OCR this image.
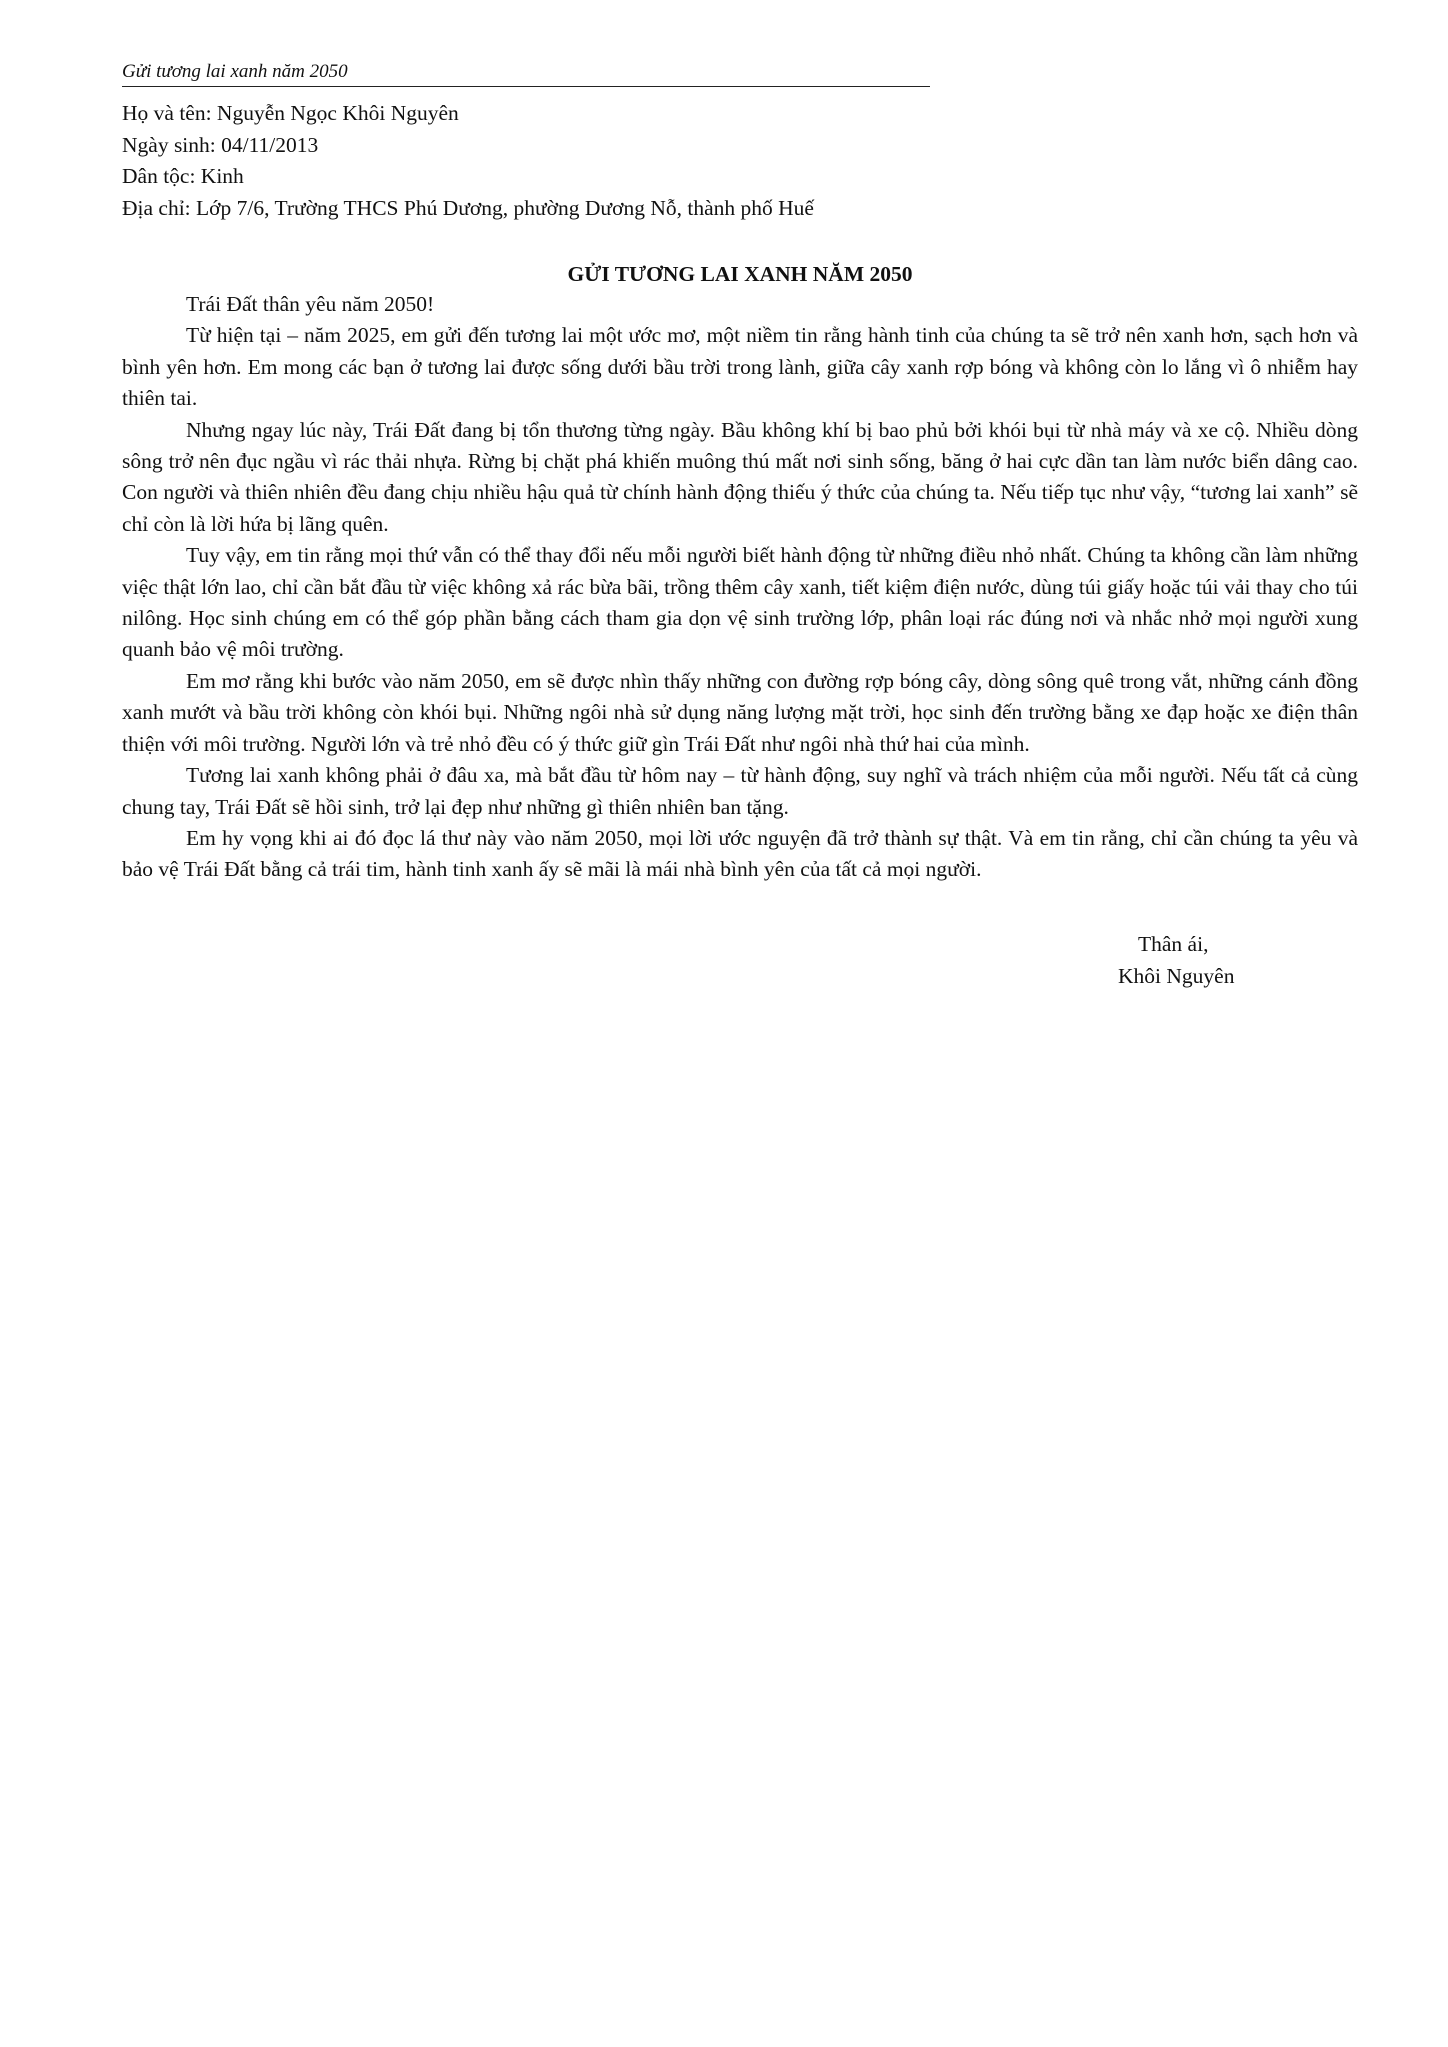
Gửi tương lai xanh năm 2050
Họ và tên: Nguyễn Ngọc Khôi Nguyên
Ngày sinh: 04/11/2013
Dân tộc: Kinh
Địa chỉ: Lớp 7/6, Trường THCS Phú Dương, phường Dương Nỗ, thành phố Huế
GỬI TƯƠNG LAI XANH NĂM 2050

Trái Đất thân yêu năm 2050!

Từ hiện tại – năm 2025, em gửi đến tương lai một ước mơ, một niềm tin rằng hành tinh của chúng ta sẽ trở nên xanh hơn, sạch hơn và bình yên hơn. Em mong các bạn ở tương lai được sống dưới bầu trời trong lành, giữa cây xanh rợp bóng và không còn lo lắng vì ô nhiễm hay thiên tai.

Nhưng ngay lúc này, Trái Đất đang bị tổn thương từng ngày. Bầu không khí bị bao phủ bởi khói bụi từ nhà máy và xe cộ. Nhiều dòng sông trở nên đục ngầu vì rác thải nhựa. Rừng bị chặt phá khiến muông thú mất nơi sinh sống, băng ở hai cực dần tan làm nước biển dâng cao. Con người và thiên nhiên đều đang chịu nhiều hậu quả từ chính hành động thiếu ý thức của chúng ta. Nếu tiếp tục như vậy, “tương lai xanh” sẽ chỉ còn là lời hứa bị lãng quên.

Tuy vậy, em tin rằng mọi thứ vẫn có thể thay đổi nếu mỗi người biết hành động từ những điều nhỏ nhất. Chúng ta không cần làm những việc thật lớn lao, chỉ cần bắt đầu từ việc không xả rác bừa bãi, trồng thêm cây xanh, tiết kiệm điện nước, dùng túi giấy hoặc túi vải thay cho túi nilông. Học sinh chúng em có thể góp phần bằng cách tham gia dọn vệ sinh trường lớp, phân loại rác đúng nơi và nhắc nhở mọi người xung quanh bảo vệ môi trường.

Em mơ rằng khi bước vào năm 2050, em sẽ được nhìn thấy những con đường rợp bóng cây, dòng sông quê trong vắt, những cánh đồng xanh mướt và bầu trời không còn khói bụi. Những ngôi nhà sử dụng năng lượng mặt trời, học sinh đến trường bằng xe đạp hoặc xe điện thân thiện với môi trường. Người lớn và trẻ nhỏ đều có ý thức giữ gìn Trái Đất như ngôi nhà thứ hai của mình.

Tương lai xanh không phải ở đâu xa, mà bắt đầu từ hôm nay – từ hành động, suy nghĩ và trách nhiệm của mỗi người. Nếu tất cả cùng chung tay, Trái Đất sẽ hồi sinh, trở lại đẹp như những gì thiên nhiên ban tặng.

Em hy vọng khi ai đó đọc lá thư này vào năm 2050, mọi lời ước nguyện đã trở thành sự thật. Và em tin rằng, chỉ cần chúng ta yêu và bảo vệ Trái Đất bằng cả trái tim, hành tinh xanh ấy sẽ mãi là mái nhà bình yên của tất cả mọi người.

Thân ái,
Khôi Nguyên
